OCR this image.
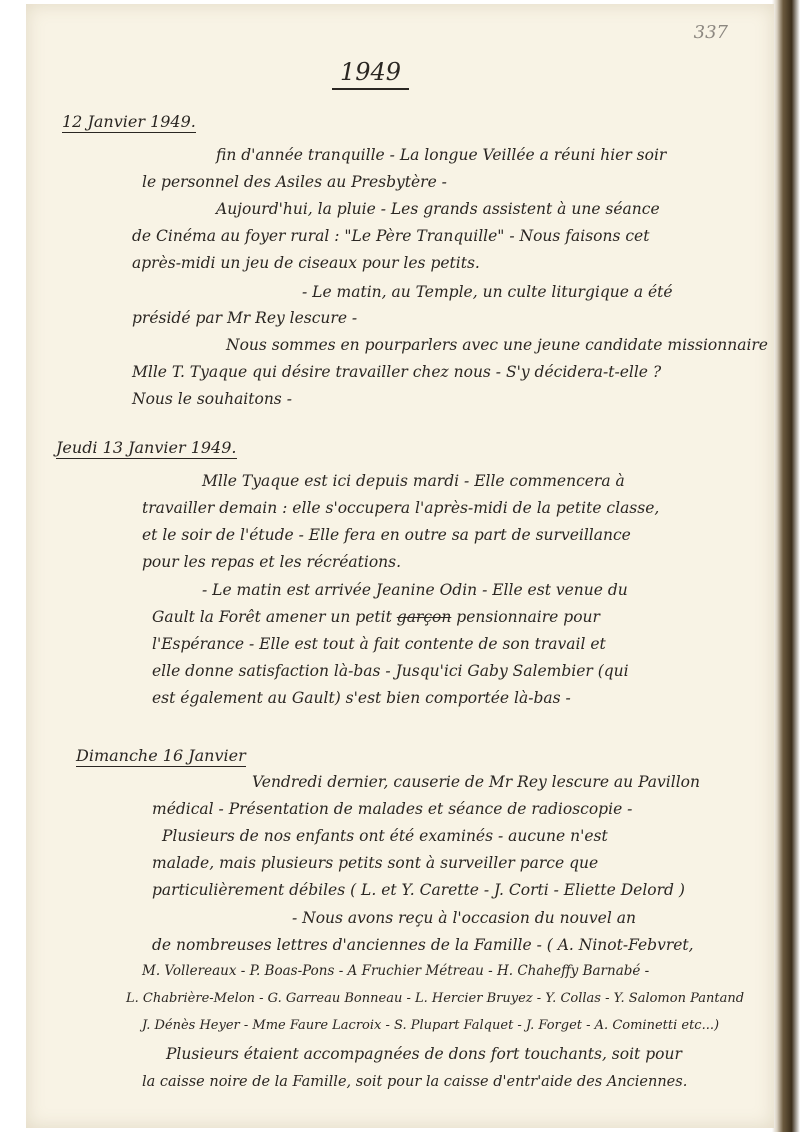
337
1949
12 Janvier 1949.
fin d'année tranquille - La longue Veillée a réuni hier soir
le personnel des Asiles au Presbytère -
Aujourd'hui, la pluie - Les grands assistent à une séance
de Cinéma au foyer rural : "Le Père Tranquille" - Nous faisons cet
après-midi un jeu de ciseaux pour les petits.
- Le matin, au Temple, un culte liturgique a été
présidé par Mr Rey lescure -
Nous sommes en pourparlers avec une jeune candidate missionnaire
Mlle T. Tyaque qui désire travailler chez nous - S'y décidera-t-elle ?
Nous le souhaitons -
Jeudi 13 Janvier 1949.
Mlle Tyaque est ici depuis mardi - Elle commencera à
travailler demain : elle s'occupera l'après-midi de la petite classe,
et le soir de l'étude - Elle fera en outre sa part de surveillance
pour les repas et les récréations.
- Le matin est arrivée Jeanine Odin - Elle est venue du
Gault la Forêt amener un petit garçon pensionnaire pour
l'Espérance - Elle est tout à fait contente de son travail et
elle donne satisfaction là-bas - Jusqu'ici Gaby Salembier (qui
est également au Gault) s'est bien comportée là-bas -
Dimanche 16 Janvier
Vendredi dernier, causerie de Mr Rey lescure au Pavillon
médical - Présentation de malades et séance de radioscopie -
Plusieurs de nos enfants ont été examinés - aucune n'est
malade, mais plusieurs petits sont à surveiller parce que
particulièrement débiles ( L. et Y. Carette - J. Corti - Eliette Delord )
- Nous avons reçu à l'occasion du nouvel an
de nombreuses lettres d'anciennes de la Famille - ( A. Ninot-Febvret,
M. Vollereaux - P. Boas-Pons - A Fruchier Métreau - H. Chaheffy Barnabé -
L. Chabrière-Melon - G. Garreau Bonneau - L. Hercier Bruyez - Y. Collas - Y. Salomon Pantand
J. Dénès Heyer - Mme Faure Lacroix - S. Plupart Falquet - J. Forget - A. Cominetti etc...)
Plusieurs étaient accompagnées de dons fort touchants, soit pour
la caisse noire de la Famille, soit pour la caisse d'entr'aide des Anciennes.
